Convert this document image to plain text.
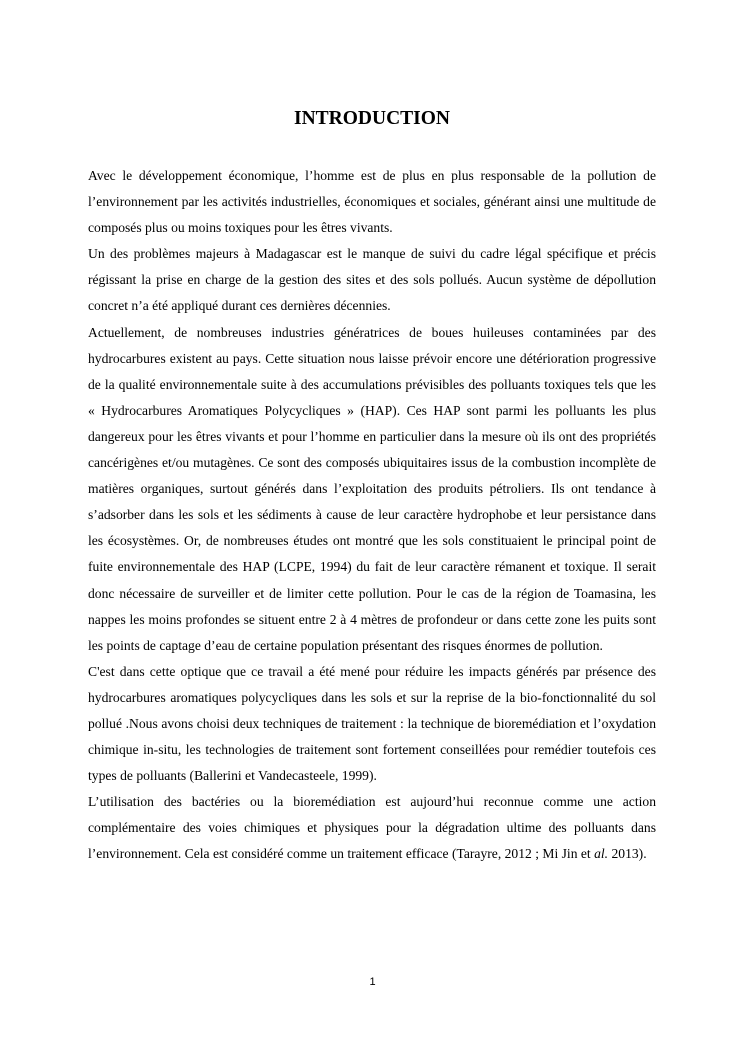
INTRODUCTION

Avec le développement économique, l’homme est de plus en plus responsable de la pollution de l’environnement par les activités industrielles, économiques et sociales, générant ainsi une multitude de composés plus ou moins toxiques pour les êtres vivants.

Un des problèmes majeurs à Madagascar est le manque de suivi du cadre légal spécifique et précis régissant la prise en charge de la gestion des sites et des sols pollués. Aucun système de dépollution concret n’a été appliqué durant ces dernières décennies.

Actuellement, de nombreuses industries génératrices de boues huileuses contaminées par des hydrocarbures existent au pays. Cette situation nous laisse prévoir encore une détérioration progressive de la qualité environnementale suite à des accumulations prévisibles des polluants toxiques tels que les « Hydrocarbures Aromatiques Polycycliques » (HAP). Ces HAP sont parmi les polluants les plus dangereux pour les êtres vivants et pour l’homme en particulier dans la mesure où ils ont des propriétés cancérigènes et/ou mutagènes. Ce sont des composés ubiquitaires issus de la combustion incomplète de matières organiques, surtout générés dans l’exploitation des produits pétroliers. Ils ont tendance à s’adsorber dans les sols et les sédiments à cause de leur caractère hydrophobe et leur persistance dans les écosystèmes. Or, de nombreuses études ont montré que les sols constituaient le principal point de fuite environnementale des HAP (LCPE, 1994) du fait de leur caractère rémanent et toxique. Il serait donc nécessaire de surveiller et de limiter cette pollution. Pour le cas de la région de Toamasina, les nappes les moins profondes se situent entre 2 à 4 mètres de profondeur or dans cette zone les puits sont les points de captage d’eau de certaine population présentant des risques énormes de pollution.

C'est dans cette optique que ce travail a été mené pour réduire les impacts générés par présence des hydrocarbures aromatiques polycycliques dans les sols et sur la reprise de la bio-fonctionnalité du sol pollué .Nous avons choisi deux techniques de traitement : la technique de bioremédiation et l’oxydation chimique in-situ, les technologies de traitement sont fortement conseillées pour remédier toutefois ces types de polluants (Ballerini et Vandecasteele, 1999).

L’utilisation des bactéries ou la bioremédiation est aujourd’hui reconnue comme une action complémentaire des voies chimiques et physiques pour la dégradation ultime des polluants dans l’environnement. Cela est considéré comme un traitement efficace (Tarayre, 2012 ; Mi Jin et al. 2013).

1
